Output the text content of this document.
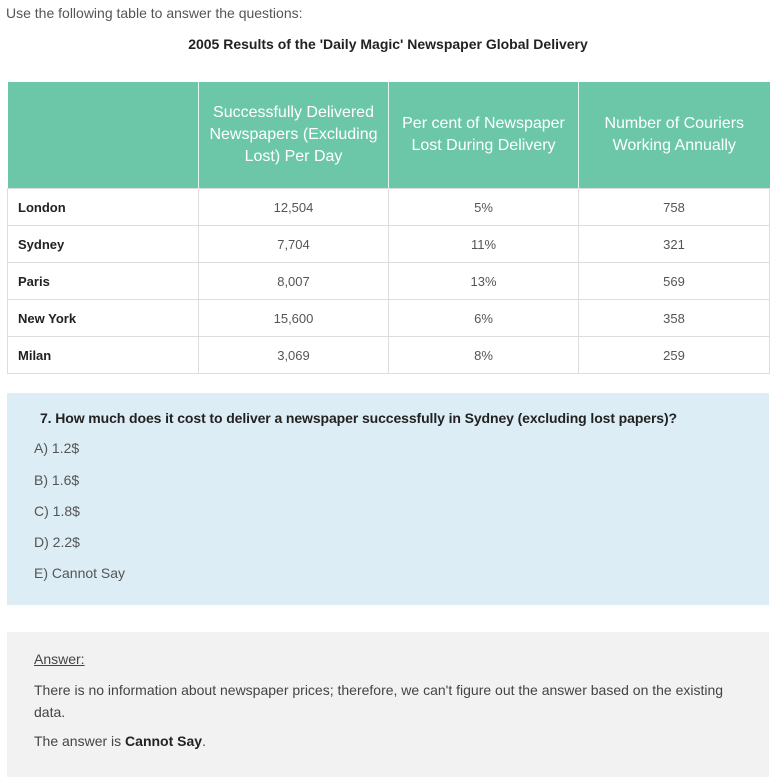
Use the following table to answer the questions:
2005 Results of the 'Daily Magic' Newspaper Global Delivery
	Successfully Delivered Newspapers (Excluding Lost) Per Day	Per cent of Newspaper Lost During Delivery	Number of Couriers Working Annually
London	12,504	5%	758
Sydney	7,704	11%	321
Paris	8,007	13%	569
New York	15,600	6%	358
Milan	3,069	8%	259
7. How much does it cost to deliver a newspaper successfully in Sydney (excluding lost papers)?
A) 1.2$
B) 1.6$
C) 1.8$
D) 2.2$
E) Cannot Say
Answer:
There is no information about newspaper prices; therefore, we can't figure out the answer based on the existing data.
The answer is Cannot Say.
